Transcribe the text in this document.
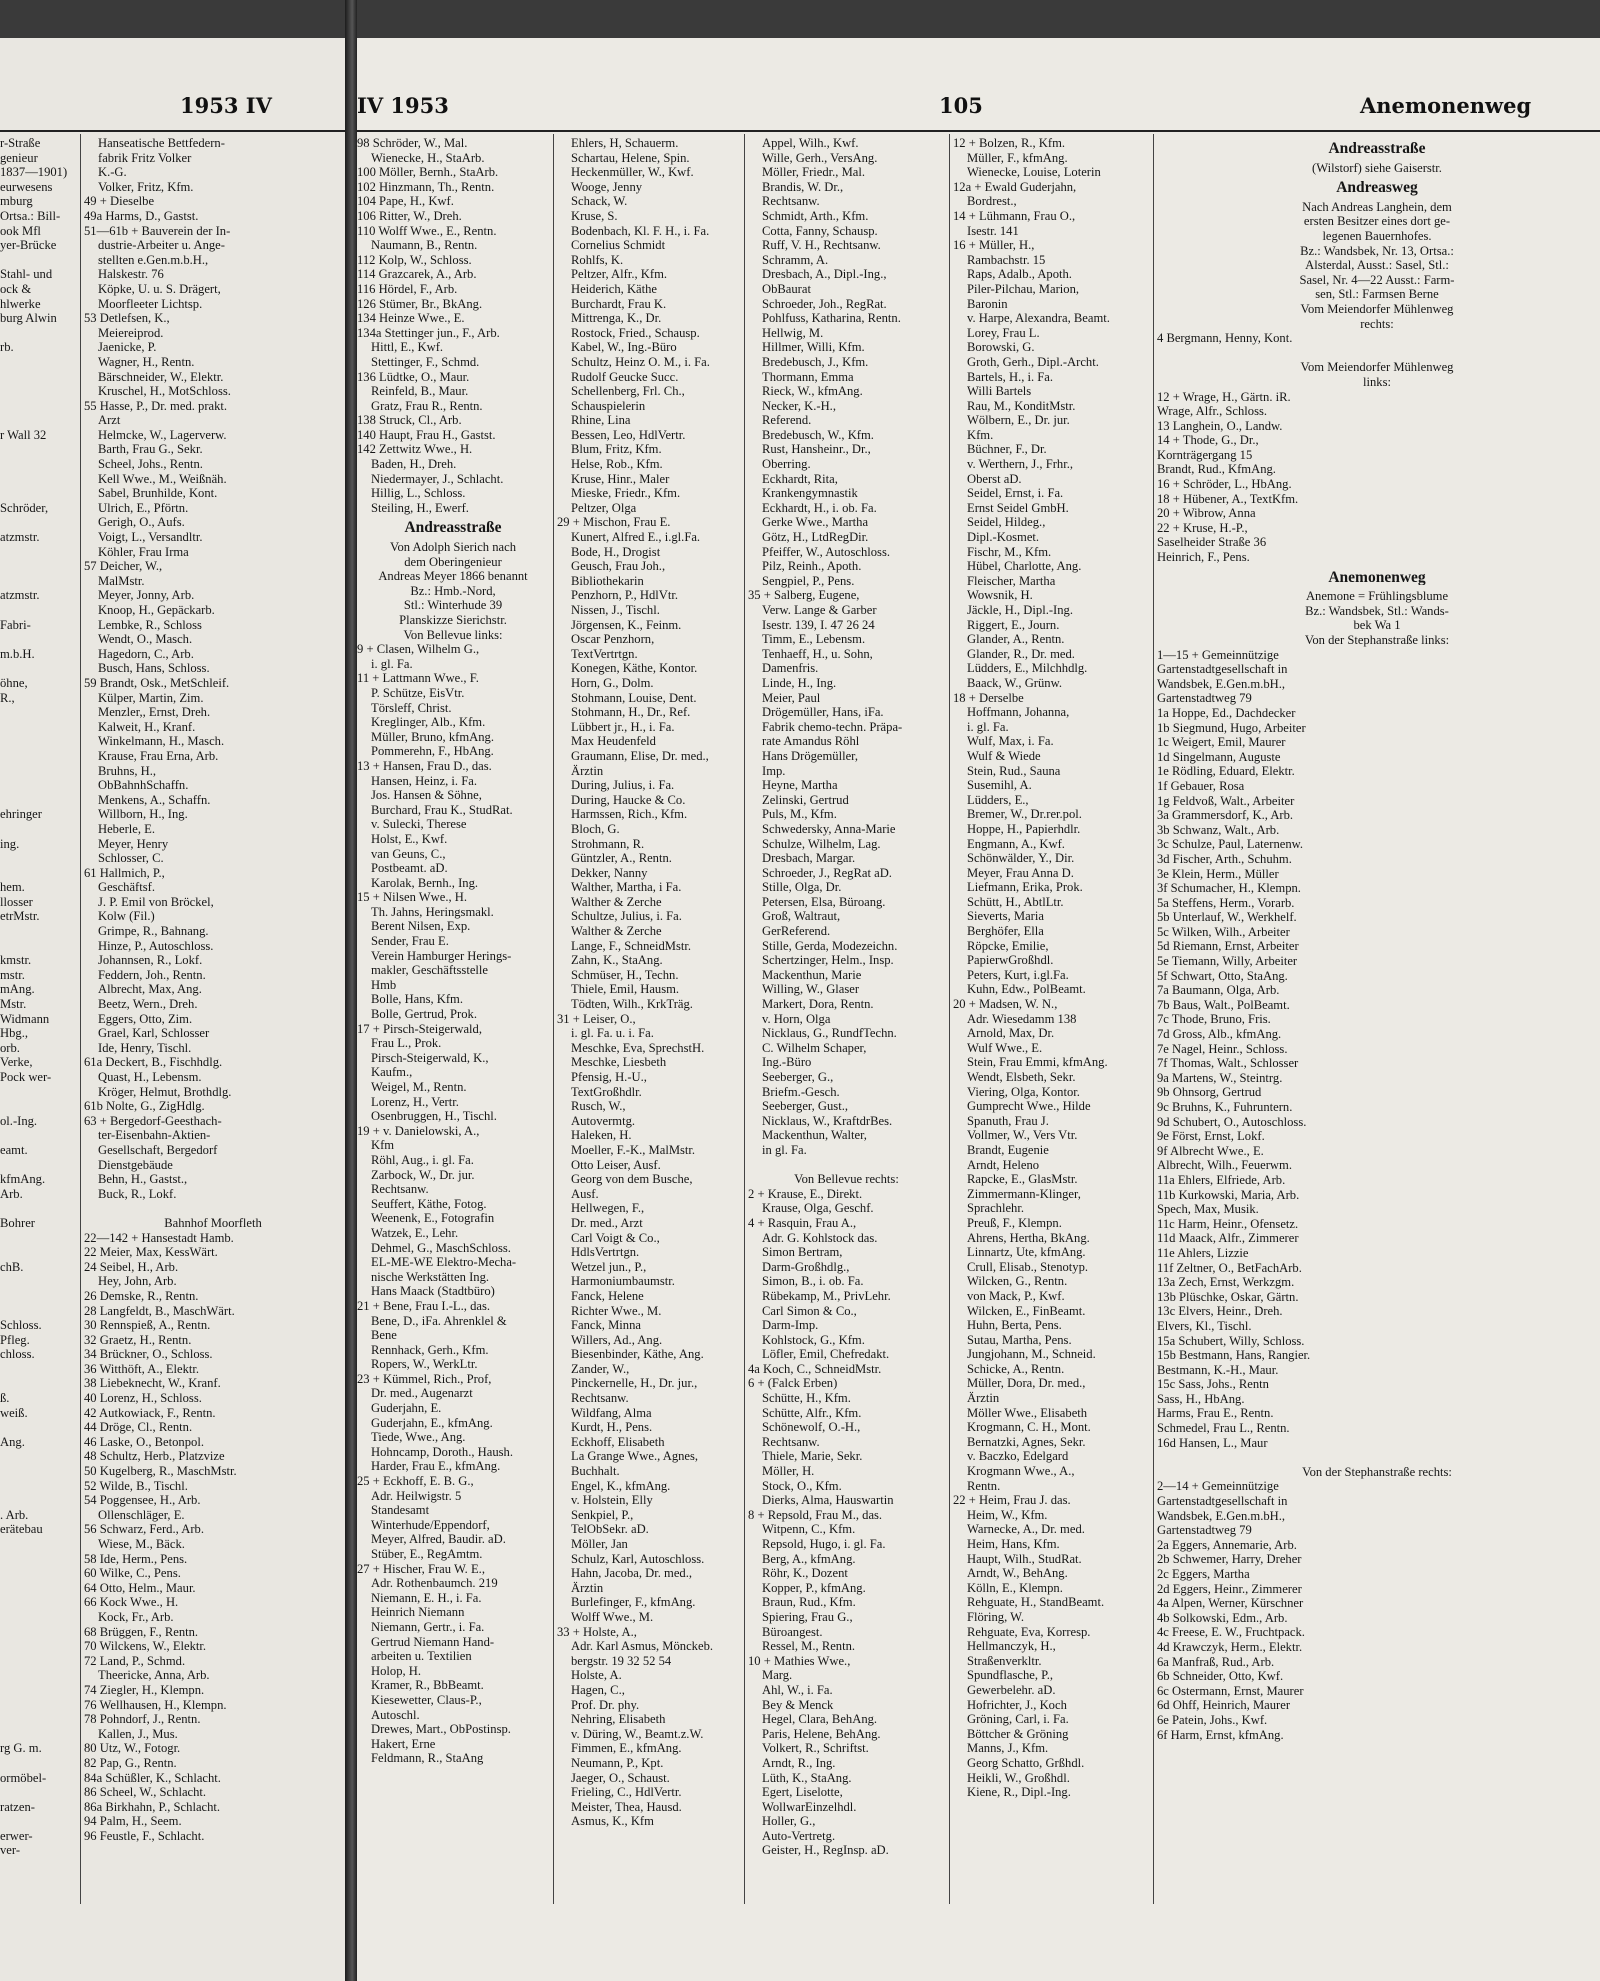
1953 IV
r-Straße
genieur
1837—1901)
eurwesens
mburg
Ortsa.: Bill-
ook Mfl
yer-Brücke

Stahl- und
ock &
hlwerke
burg Alwin

rb.

r Wall 32

Schröder,

atzmstr.

atzmstr.

Fabri-

m.b.H.

öhne,
R.,

ehringer

ing.

hem.
llosser
etrMstr.

kmstr.
mstr.
mAng.
Mstr.
Widmann
Hbg.,
orb.
Verke,
Pock wer-

ol.-Ing.

eamt.

kfmAng.
Arb.

Bohrer

chB.

Schloss.
Pfleg.
chloss.

ß.
weiß.

Ang.

. Arb.
erätebau

rg G. m.

ormöbel-

ratzen-

erwer-
ver-
Hanseatische Bettfedern-
fabrik Fritz Volker
K.-G.
Volker, Fritz, Kfm.
49 + Dieselbe
49a Harms, D., Gastst.
51—61b + Bauverein der In-
dustrie-Arbeiter u. Ange-
stellten e.Gen.m.b.H.,
Halskestr. 76
Köpke, U. u. S. Drägert,
Moorfleeter Lichtsp.
53 Detlefsen, K.,
Meiereiprod.
Jaenicke, P.
Wagner, H., Rentn.
Bärschneider, W., Elektr.
Kruschel, H., MotSchloss.
55 Hasse, P., Dr. med. prakt.
Arzt
Helmcke, W., Lagerverw.
Barth, Frau G., Sekr.
Scheel, Johs., Rentn.
Kell Wwe., M., Weißnäh.
Sabel, Brunhilde, Kont.
Ulrich, E., Pförtn.
Gerigh, O., Aufs.
Voigt, L., Versandltr.
Köhler, Frau Irma
57 Deicher, W.,
MalMstr.
Meyer, Jonny, Arb.
Knoop, H., Gepäckarb.
Lembke, R., Schloss
Wendt, O., Masch.
Hagedorn, C., Arb.
Busch, Hans, Schloss.
59 Brandt, Osk., MetSchleif.
Külper, Martin, Zim.
Menzler,, Ernst, Dreh.
Kalweit, H., Kranf.
Winkelmann, H., Masch.
Krause, Frau Erna, Arb.
Bruhns, H.,
ObBahnhSchaffn.
Menkens, A., Schaffn.
Willborn, H., Ing.
Heberle, E.
Meyer, Henry
Schlosser, C.
61 Hallmich, P.,
Geschäftsf.
J. P. Emil von Bröckel,
Kolw (Fil.)
Grimpe, R., Bahnang.
Hinze, P., Autoschloss.
Johannsen, R., Lokf.
Feddern, Joh., Rentn.
Albrecht, Max, Ang.
Beetz, Wern., Dreh.
Eggers, Otto, Zim.
Grael, Karl, Schlosser
Ide, Henry, Tischl.
61a Deckert, B., Fischhdlg.
Quast, H., Lebensm.
Kröger, Helmut, Brothdlg.
61b Nolte, G., ZigHdlg.
63 + Bergedorf-Geesthach-
ter-Eisenbahn-Aktien-
Gesellschaft, Bergedorf
Dienstgebäude
Behn, H., Gastst.,
Buck, R., Lokf.

Bahnhof Moorfleth
22—142 + Hansestadt Hamb.
22 Meier, Max, KessWärt.
24 Seibel, H., Arb.
Hey, John, Arb.
26 Demske, R., Rentn.
28 Langfeldt, B., MaschWärt.
30 Rennspieß, A., Rentn.
32 Graetz, H., Rentn.
34 Brückner, O., Schloss.
36 Witthöft, A., Elektr.
38 Liebeknecht, W., Kranf.
40 Lorenz, H., Schloss.
42 Autkowiack, F., Rentn.
44 Dröge, Cl., Rentn.
46 Laske, O., Betonpol.
48 Schultz, Herb., Platzvize
50 Kugelberg, R., MaschMstr.
52 Wilde, B., Tischl.
54 Poggensee, H., Arb.
Ollenschläger, E.
56 Schwarz, Ferd., Arb.
Wiese, M., Bäck.
58 Ide, Herm., Pens.
60 Wilke, C., Pens.
64 Otto, Helm., Maur.
66 Kock Wwe., H.
Kock, Fr., Arb.
68 Brüggen, F., Rentn.
70 Wilckens, W., Elektr.
72 Land, P., Schmd.
Theericke, Anna, Arb.
74 Ziegler, H., Klempn.
76 Wellhausen, H., Klempn.
78 Pohndorf, J., Rentn.
Kallen, J., Mus.
80 Utz, W., Fotogr.
82 Pap, G., Rentn.
84a Schüßler, K., Schlacht.
86 Scheel, W., Schlacht.
86a Birkhahn, P., Schlacht.
94 Palm, H., Seem.
96 Feustle, F., Schlacht.
IV 1953	105	Anemonenweg
98 Schröder, W., Mal.
Wienecke, H., StaArb.
100 Möller, Bernh., StaArb.
102 Hinzmann, Th., Rentn.
104 Pape, H., Kwf.
106 Ritter, W., Dreh.
110 Wolff Wwe., E., Rentn.
Naumann, B., Rentn.
112 Kolp, W., Schloss.
114 Grazcarek, A., Arb.
116 Hördel, F., Arb.
126 Stümer, Br., BkAng.
134 Heinze Wwe., E.
134a Stettinger jun., F., Arb.
Hittl, E., Kwf.
Stettinger, F., Schmd.
136 Lüdtke, O., Maur.
Reinfeld, B., Maur.
Gratz, Frau R., Rentn.
138 Struck, Cl., Arb.
140 Haupt, Frau H., Gastst.
142 Zettwitz Wwe., H.
Baden, H., Dreh.
Niedermayer, J., Schlacht.
Hillig, L., Schloss.
Steiling, H., Ewerf.
Andreasstraße
Von Adolph Sierich nach
dem Oberingenieur
Andreas Meyer 1866 benannt
Bz.: Hmb.-Nord,
Stl.: Winterhude 39
Planskizze Sierichstr.
Von Bellevue links:
9 + Clasen, Wilhelm G.,
i. gl. Fa.
11 + Lattmann Wwe., F.
P. Schütze, EisVtr.
Törsleff, Christ.
Kreglinger, Alb., Kfm.
Müller, Bruno, kfmAng.
Pommerehn, F., HbAng.
13 + Hansen, Frau D., das.
Hansen, Heinz, i. Fa.
Jos. Hansen & Söhne,
Burchard, Frau K., StudRat.
v. Sulecki, Therese
Holst, E., Kwf.
van Geuns, C.,
Postbeamt. aD.
Karolak, Bernh., Ing.
15 + Nilsen Wwe., H.
Th. Jahns, Heringsmakl.
Berent Nilsen, Exp.
Sender, Frau E.
Verein Hamburger Herings-
makler, Geschäftsstelle
Hmb
Bolle, Hans, Kfm.
Bolle, Gertrud, Prok.
17 + Pirsch-Steigerwald,
Frau L., Prok.
Pirsch-Steigerwald, K.,
Kaufm.,
Weigel, M., Rentn.
Lorenz, H., Vertr.
Osenbruggen, H., Tischl.
19 + v. Danielowski, A.,
Kfm
Röhl, Aug., i. gl. Fa.
Zarbock, W., Dr. jur.
Rechtsanw.
Seuffert, Käthe, Fotog.
Weenenk, E., Fotografin
Watzek, E., Lehr.
Dehmel, G., MaschSchloss.
EL-ME-WE Elektro-Mecha-
nische Werkstätten Ing.
Hans Maack (Stadtbüro)
21 + Bene, Frau I.-L., das.
Bene, D., iFa. Ahrenklel &
Bene
Rennhack, Gerh., Kfm.
Ropers, W., WerkLtr.
23 + Kümmel, Rich., Prof,
Dr. med., Augenarzt
Guderjahn, E.
Guderjahn, E., kfmAng.
Tiede, Wwe., Ang.
Hohncamp, Doroth., Haush.
Harder, Frau E., kfmAng.
25 + Eckhoff, E. B. G.,
Adr. Heilwigstr. 5
Standesamt
Winterhude/Eppendorf,
Meyer, Alfred, Baudir. aD.
Stüber, E., RegAmtm.
27 + Hischer, Frau W. E.,
Adr. Rothenbaumch. 219
Niemann, E. H., i. Fa.
Heinrich Niemann
Niemann, Gertr., i. Fa.
Gertrud Niemann Hand-
arbeiten u. Textilien
Holop, H.
Kramer, R., BbBeamt.
Kiesewetter, Claus-P.,
Autoschl.
Drewes, Mart., ObPostinsp.
Hakert, Erne
Feldmann, R., StaAng
Ehlers, H, Schauerm.
Schartau, Helene, Spin.
Heckenmüller, W., Kwf.
Wooge, Jenny
Schack, W.
Kruse, S.
Bodenbach, Kl. F. H., i. Fa.
Cornelius Schmidt
Rohlfs, K.
Peltzer, Alfr., Kfm.
Heiderich, Käthe
Burchardt, Frau K.
Mittrenga, K., Dr.
Rostock, Fried., Schausp.
Kabel, W., Ing.-Büro
Schultz, Heinz O. M., i. Fa.
Rudolf Geucke Succ.
Schellenberg, Frl. Ch.,
Schauspielerin
Rhine, Lina
Bessen, Leo, HdlVertr.
Blum, Fritz, Kfm.
Helse, Rob., Kfm.
Kruse, Hinr., Maler
Mieske, Friedr., Kfm.
Peltzer, Olga
29 + Mischon, Frau E.
Kunert, Alfred E., i.gl.Fa.
Bode, H., Drogist
Geusch, Frau Joh.,
Bibliothekarin
Penzhorn, P., HdlVtr.
Nissen, J., Tischl.
Jörgensen, K., Feinm.
Oscar Penzhorn,
TextVertrtgn.
Konegen, Käthe, Kontor.
Horn, G., Dolm.
Stohmann, Louise, Dent.
Stohmann, H., Dr., Ref.
Lübbert jr., H., i. Fa.
Max Heudenfeld
Graumann, Elise, Dr. med.,
Ärztin
During, Julius, i. Fa.
During, Haucke & Co.
Harmssen, Rich., Kfm.
Bloch, G.
Strohmann, R.
Güntzler, A., Rentn.
Dekker, Nanny
Walther, Martha, i Fa.
Walther & Zerche
Schultze, Julius, i. Fa.
Walther & Zerche
Lange, F., SchneidMstr.
Zahn, K., StaAng.
Schmüser, H., Techn.
Thiele, Emil, Hausm.
Tödten, Wilh., KrkTräg.
31 + Leiser, O.,
i. gl. Fa. u. i. Fa.
Meschke, Eva, SprechstH.
Meschke, Liesbeth
Pfensig, H.-U.,
TextGroßhdlr.
Rusch, W.,
Autovermtg.
Haleken, H.
Moeller, F.-K., MalMstr.
Otto Leiser, Ausf.
Georg von dem Busche,
Ausf.
Hellwegen, F.,
Dr. med., Arzt
Carl Voigt & Co.,
HdlsVertrtgn.
Wetzel jun., P.,
Harmoniumbaumstr.
Fanck, Helene
Richter Wwe., M.
Fanck, Minna
Willers, Ad., Ang.
Biesenbinder, Käthe, Ang.
Zander, W.,
Pinckernelle, H., Dr. jur.,
Rechtsanw.
Wildfang, Alma
Kurdt, H., Pens.
Eckhoff, Elisabeth
La Grange Wwe., Agnes,
Buchhalt.
Engel, K., kfmAng.
v. Holstein, Elly
Senkpiel, P.,
TelObSekr. aD.
Möller, Jan
Schulz, Karl, Autoschloss.
Hahn, Jacoba, Dr. med.,
Ärztin
Burlefinger, F., kfmAng.
Wolff Wwe., M.
33 + Holste, A.,
Adr. Karl Asmus, Mönckeb.
bergstr. 19 32 52 54
Holste, A.
Hagen, C.,
Prof. Dr. phy.
Nehring, Elisabeth
v. Düring, W., Beamt.z.W.
Fimmen, E., kfmAng.
Neumann, P., Kpt.
Jaeger, O., Schaust.
Frieling, C., HdlVertr.
Meister, Thea, Hausd.
Asmus, K., Kfm
Appel, Wilh., Kwf.
Wille, Gerh., VersAng.
Möller, Friedr., Mal.
Brandis, W. Dr.,
Rechtsanw.
Schmidt, Arth., Kfm.
Cotta, Fanny, Schausp.
Ruff, V. H., Rechtsanw.
Schramm, A.
Dresbach, A., Dipl.-Ing.,
ObBaurat
Schroeder, Joh., RegRat.
Pohlfuss, Katharina, Rentn.
Hellwig, M.
Hillmer, Willi, Kfm.
Bredebusch, J., Kfm.
Thormann, Emma
Rieck, W., kfmAng.
Necker, K.-H.,
Referend.
Bredebusch, W., Kfm.
Rust, Hansheinr., Dr.,
Oberring.
Eckhardt, Rita,
Krankengymnastik
Eckhardt, H., i. ob. Fa.
Gerke Wwe., Martha
Götz, H., LtdRegDir.
Pfeiffer, W., Autoschloss.
Pilz, Reinh., Apoth.
Sengpiel, P., Pens.
35 + Salberg, Eugene,
Verw. Lange & Garber
Isestr. 139, I. 47 26 24
Timm, E., Lebensm.
Tenhaeff, H., u. Sohn,
Damenfris.
Linde, H., Ing.
Meier, Paul
Drögemüller, Hans, iFa.
Fabrik chemo-techn. Präpa-
rate Amandus Röhl
Hans Drögemüller,
Imp.
Heyne, Martha
Zelinski, Gertrud
Puls, M., Kfm.
Schwedersky, Anna-Marie
Schulze, Wilhelm, Lag.
Dresbach, Margar.
Schroeder, J., RegRat aD.
Stille, Olga, Dr.
Petersen, Elsa, Büroang.
Groß, Waltraut,
GerReferend.
Stille, Gerda, Modezeichn.
Schertzinger, Helm., Insp.
Mackenthun, Marie
Willing, W., Glaser
Markert, Dora, Rentn.
v. Horn, Olga
Nicklaus, G., RundfTechn.
C. Wilhelm Schaper,
Ing.-Büro
Seeberger, G.,
Briefm.-Gesch.
Seeberger, Gust.,
Nicklaus, W., KraftdrBes.
Mackenthun, Walter,
in gl. Fa.

Von Bellevue rechts:
2 + Krause, E., Direkt.
Krause, Olga, Geschf.
4 + Rasquin, Frau A.,
Adr. G. Kohlstock das.
Simon Bertram,
Darm-Großhdlg.,
Simon, B., i. ob. Fa.
Rübekamp, M., PrivLehr.
Carl Simon & Co.,
Darm-Imp.
Kohlstock, G., Kfm.
Löfler, Emil, Chefredakt.
4a Koch, C., SchneidMstr.
6 + (Falck Erben)
Schütte, H., Kfm.
Schütte, Alfr., Kfm.
Schönewolf, O.-H.,
Rechtsanw.
Thiele, Marie, Sekr.
Möller, H.
Stock, O., Kfm.
Dierks, Alma, Hauswartin
8 + Repsold, Frau M., das.
Witpenn, C., Kfm.
Repsold, Hugo, i. gl. Fa.
Berg, A., kfmAng.
Röhr, K., Dozent
Kopper, P., kfmAng.
Braun, Rud., Kfm.
Spiering, Frau G.,
Büroangest.
Ressel, M., Rentn.
10 + Mathies Wwe.,
Marg.
Ahl, W., i. Fa.
Bey & Menck
Hegel, Clara, BehAng.
Paris, Helene, BehAng.
Volkert, R., Schriftst.
Arndt, R., Ing.
Lüth, K., StaAng.
Egert, Liselotte,
WollwarEinzelhdl.
Holler, G.,
Auto-Vertretg.
Geister, H., RegInsp. aD.
12 + Bolzen, R., Kfm.
Müller, F., kfmAng.
Wienecke, Louise, Loterin
12a + Ewald Guderjahn,
Bordrest.,
14 + Lühmann, Frau O.,
Isestr. 141
16 + Müller, H.,
Rambachstr. 15
Raps, Adalb., Apoth.
Piler-Pilchau, Marion,
Baronin
v. Harpe, Alexandra, Beamt.
Lorey, Frau L.
Borowski, G.
Groth, Gerh., Dipl.-Archt.
Bartels, H., i. Fa.
Willi Bartels
Rau, M., KonditMstr.
Wölbern, E., Dr. jur.
Kfm.
Büchner, F., Dr.
v. Werthern, J., Frhr.,
Oberst aD.
Seidel, Ernst, i. Fa.
Ernst Seidel GmbH.
Seidel, Hildeg.,
Dipl.-Kosmet.
Fischr, M., Kfm.
Hübel, Charlotte, Ang.
Fleischer, Martha
Wowsnik, H.
Jäckle, H., Dipl.-Ing.
Riggert, E., Journ.
Glander, A., Rentn.
Glander, R., Dr. med.
Lüdders, E., Milchhdlg.
Baack, W., Grünw.
18 + Derselbe
Hoffmann, Johanna,
i. gl. Fa.
Wulf, Max, i. Fa.
Wulf & Wiede
Stein, Rud., Sauna
Susemihl, A.
Lüdders, E.,
Bremer, W., Dr.rer.pol.
Hoppe, H., Papierhdlr.
Engmann, A., Kwf.
Schönwälder, Y., Dir.
Meyer, Frau Anna D.
Liefmann, Erika, Prok.
Schütt, H., AbtlLtr.
Sieverts, Maria
Berghöfer, Ella
Röpcke, Emilie,
PapierwGroßhdl.
Peters, Kurt, i.gl.Fa.
Kuhn, Edw., PolBeamt.
20 + Madsen, W. N.,
Adr. Wiesedamm 138
Arnold, Max, Dr.
Wulf Wwe., E.
Stein, Frau Emmi, kfmAng.
Wendt, Elsbeth, Sekr.
Viering, Olga, Kontor.
Gumprecht Wwe., Hilde
Spanuth, Frau J.
Vollmer, W., Vers Vtr.
Brandt, Eugenie
Arndt, Heleno
Rapcke, E., GlasMstr.
Zimmermann-Klinger,
Sprachlehr.
Preuß, F., Klempn.
Ahrens, Hertha, BkAng.
Linnartz, Ute, kfmAng.
Crull, Elisab., Stenotyp.
Wilcken, G., Rentn.
von Mack, P., Kwf.
Wilcken, E., FinBeamt.
Huhn, Berta, Pens.
Sutau, Martha, Pens.
Jungjohann, M., Schneid.
Schicke, A., Rentn.
Müller, Dora, Dr. med.,
Ärztin
Möller Wwe., Elisabeth
Krogmann, C. H., Mont.
Bernatzki, Agnes, Sekr.
v. Baczko, Edelgard
Krogmann Wwe., A.,
Rentn.
22 + Heim, Frau J. das.
Heim, W., Kfm.
Warnecke, A., Dr. med.
Heim, Hans, Kfm.
Haupt, Wilh., StudRat.
Arndt, W., BehAng.
Kölln, E., Klempn.
Rehguate, H., StandBeamt.
Flöring, W.
Rehguate, Eva, Korresp.
Hellmanczyk, H.,
Straßenverkltr.
Spundflasche, P.,
Gewerbelehr. aD.
Hofrichter, J., Koch
Gröning, Carl, i. Fa.
Böttcher & Gröning
Manns, J., Kfm.
Georg Schatto, Grßhdl.
Heikli, W., Großhdl.
Kiene, R., Dipl.-Ing.
Andreasstraße
(Wilstorf) siehe Gaiserstr.
Andreasweg
Nach Andreas Langhein, dem
ersten Besitzer eines dort ge-
legenen Bauernhofes.
Bz.: Wandsbek, Nr. 13, Ortsa.:
Alsterdal, Ausst.: Sasel, Stl.:
Sasel, Nr. 4—22 Ausst.: Farm-
sen, Stl.: Farmsen Berne
Vom Meiendorfer Mühlenweg
rechts:
4 Bergmann, Henny, Kont.

Vom Meiendorfer Mühlenweg
links:
12 + Wrage, H., Gärtn. iR.
Wrage, Alfr., Schloss.
13 Langhein, O., Landw.
14 + Thode, G., Dr.,
Kornträgergang 15
Brandt, Rud., KfmAng.
16 + Schröder, L., HbAng.
18 + Hübener, A., TextKfm.
20 + Wibrow, Anna
22 + Kruse, H.-P.,
Saselheider Straße 36
Heinrich, F., Pens.
Anemonenweg
Anemone = Frühlingsblume
Bz.: Wandsbek, Stl.: Wands-
bek Wa 1
Von der Stephanstraße links:
1—15 + Gemeinnützige
Gartenstadtgesellschaft in
Wandsbek, E.Gen.m.bH.,
Gartenstadtweg 79
1a Hoppe, Ed., Dachdecker
1b Siegmund, Hugo, Arbeiter
1c Weigert, Emil, Maurer
1d Singelmann, Auguste
1e Rödling, Eduard, Elektr.
1f Gebauer, Rosa
1g Feldvoß, Walt., Arbeiter
3a Grammersdorf, K., Arb.
3b Schwanz, Walt., Arb.
3c Schulze, Paul, Laternenw.
3d Fischer, Arth., Schuhm.
3e Klein, Herm., Müller
3f Schumacher, H., Klempn.
5a Steffens, Herm., Vorarb.
5b Unterlauf, W., Werkhelf.
5c Wilken, Wilh., Arbeiter
5d Riemann, Ernst, Arbeiter
5e Tiemann, Willy, Arbeiter
5f Schwart, Otto, StaAng.
7a Baumann, Olga, Arb.
7b Baus, Walt., PolBeamt.
7c Thode, Bruno, Fris.
7d Gross, Alb., kfmAng.
7e Nagel, Heinr., Schloss.
7f Thomas, Walt., Schlosser
9a Martens, W., Steintrg.
9b Ohnsorg, Gertrud
9c Bruhns, K., Fuhruntern.
9d Schubert, O., Autoschloss.
9e Först, Ernst, Lokf.
9f Albrecht Wwe., E.
Albrecht, Wilh., Feuerwm.
11a Ehlers, Elfriede, Arb.
11b Kurkowski, Maria, Arb.
Spech, Max, Musik.
11c Harm, Heinr., Ofensetz.
11d Maack, Alfr., Zimmerer
11e Ahlers, Lizzie
11f Zeltner, O., BetFachArb.
13a Zech, Ernst, Werkzgm.
13b Plüschke, Oskar, Gärtn.
13c Elvers, Heinr., Dreh.
Elvers, Kl., Tischl.
15a Schubert, Willy, Schloss.
15b Bestmann, Hans, Rangier.
Bestmann, K.-H., Maur.
15c Sass, Johs., Rentn
Sass, H., HbAng.
Harms, Frau E., Rentn.
Schmedel, Frau L., Rentn.
16d Hansen, L., Maur

Von der Stephanstraße rechts:
2—14 + Gemeinnützige
Gartenstadtgesellschaft in
Wandsbek, E.Gen.m.bH.,
Gartenstadtweg 79
2a Eggers, Annemarie, Arb.
2b Schwemer, Harry, Dreher
2c Eggers, Martha
2d Eggers, Heinr., Zimmerer
4a Alpen, Werner, Kürschner
4b Solkowski, Edm., Arb.
4c Freese, E. W., Fruchtpack.
4d Krawczyk, Herm., Elektr.
6a Manfraß, Rud., Arb.
6b Schneider, Otto, Kwf.
6c Ostermann, Ernst, Maurer
6d Ohff, Heinrich, Maurer
6e Patein, Johs., Kwf.
6f Harm, Ernst, kfmAng.
